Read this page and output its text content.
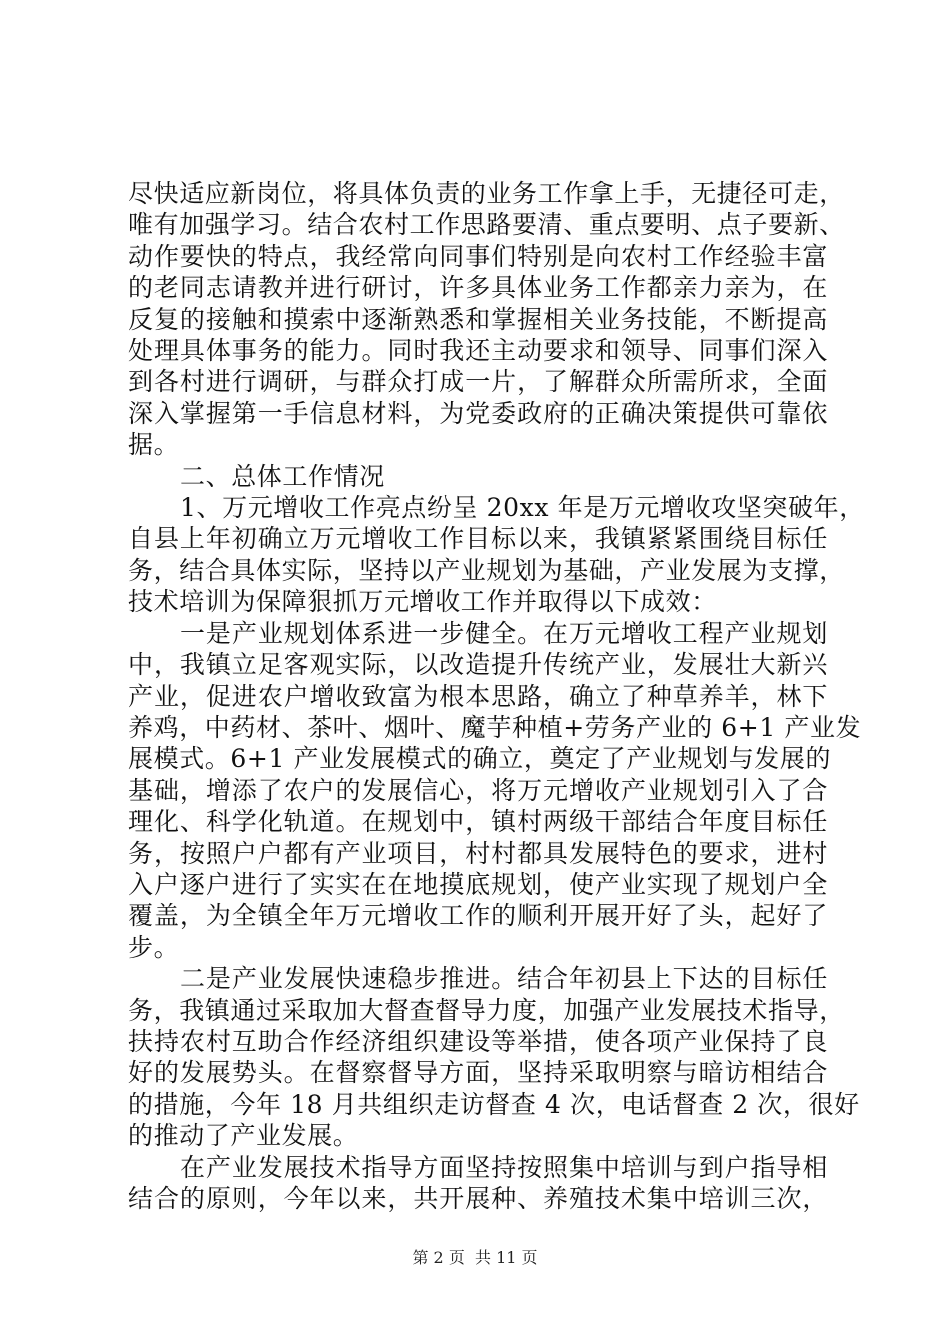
尽快适应新岗位，将具体负责的业务工作拿上手，无捷径可走，
唯有加强学习。结合农村工作思路要清、重点要明、点子要新、
动作要快的特点，我经常向同事们特别是向农村工作经验丰富
的老同志请教并进行研讨，许多具体业务工作都亲力亲为，在
反复的接触和摸索中逐渐熟悉和掌握相关业务技能，不断提高
处理具体事务的能力。同时我还主动要求和领导、同事们深入
到各村进行调研，与群众打成一片，了解群众所需所求，全面
深入掌握第一手信息材料，为党委政府的正确决策提供可靠依
据。
二、总体工作情况
1、万元增收工作亮点纷呈 20xx 年是万元增收攻坚突破年，
自县上年初确立万元增收工作目标以来，我镇紧紧围绕目标任
务，结合具体实际，坚持以产业规划为基础，产业发展为支撑，
技术培训为保障狠抓万元增收工作并取得以下成效：
一是产业规划体系进一步健全。在万元增收工程产业规划
中，我镇立足客观实际，以改造提升传统产业，发展壮大新兴
产业，促进农户增收致富为根本思路，确立了种草养羊，林下
养鸡，中药材、茶叶、烟叶、魔芋种植+劳务产业的 6+1 产业发
展模式。6+1 产业发展模式的确立，奠定了产业规划与发展的
基础，增添了农户的发展信心，将万元增收产业规划引入了合
理化、科学化轨道。在规划中，镇村两级干部结合年度目标任
务，按照户户都有产业项目，村村都具发展特色的要求，进村
入户逐户进行了实实在在地摸底规划，使产业实现了规划户全
覆盖，为全镇全年万元增收工作的顺利开展开好了头，起好了
步。
二是产业发展快速稳步推进。结合年初县上下达的目标任
务，我镇通过采取加大督查督导力度，加强产业发展技术指导，
扶持农村互助合作经济组织建设等举措，使各项产业保持了良
好的发展势头。在督察督导方面，坚持采取明察与暗访相结合
的措施，今年 18 月共组织走访督查 4 次，电话督查 2 次，很好
的推动了产业发展。
在产业发展技术指导方面坚持按照集中培训与到户指导相
结合的原则，今年以来，共开展种、养殖技术集中培训三次，
第 2 页  共 11 页
